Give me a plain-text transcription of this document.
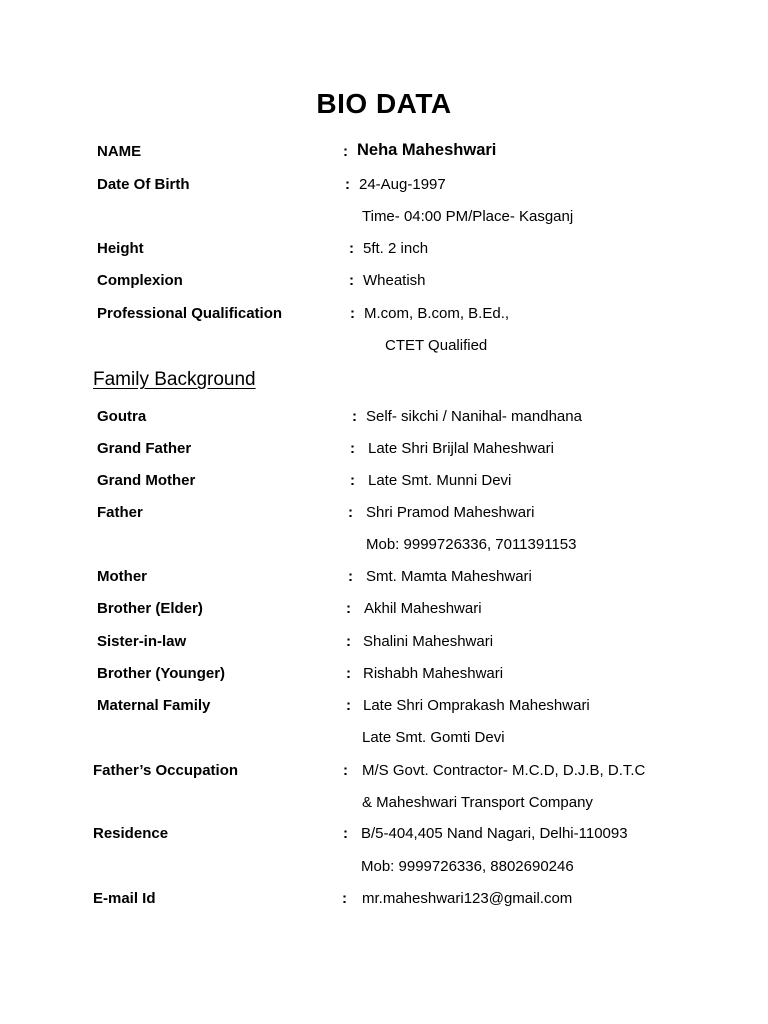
BIO DATA
NAME	: Neha Maheshwari
Date Of Birth	: 24-Aug-1997
Time- 04:00 PM/Place- Kasganj
Height	: 5ft. 2 inch
Complexion	: Wheatish
Professional Qualification	: M.com, B.com, B.Ed.,
CTET Qualified
Family Background
Goutra	: Self- sikchi / Nanihal- mandhana
Grand Father	: Late Shri Brijlal Maheshwari
Grand Mother	: Late Smt. Munni Devi
Father	: Shri Pramod Maheshwari
Mob: 9999726336, 7011391153
Mother	: Smt. Mamta Maheshwari
Brother (Elder)	: Akhil Maheshwari
Sister-in-law	: Shalini Maheshwari
Brother (Younger)	: Rishabh Maheshwari
Maternal Family	: Late Shri Omprakash Maheshwari
Late Smt. Gomti Devi
Father’s Occupation	: M/S Govt. Contractor- M.C.D, D.J.B, D.T.C
& Maheshwari Transport Company
Residence	: B/5-404,405 Nand Nagari, Delhi-110093
Mob: 9999726336, 8802690246
E-mail Id	: mr.maheshwari123@gmail.com
